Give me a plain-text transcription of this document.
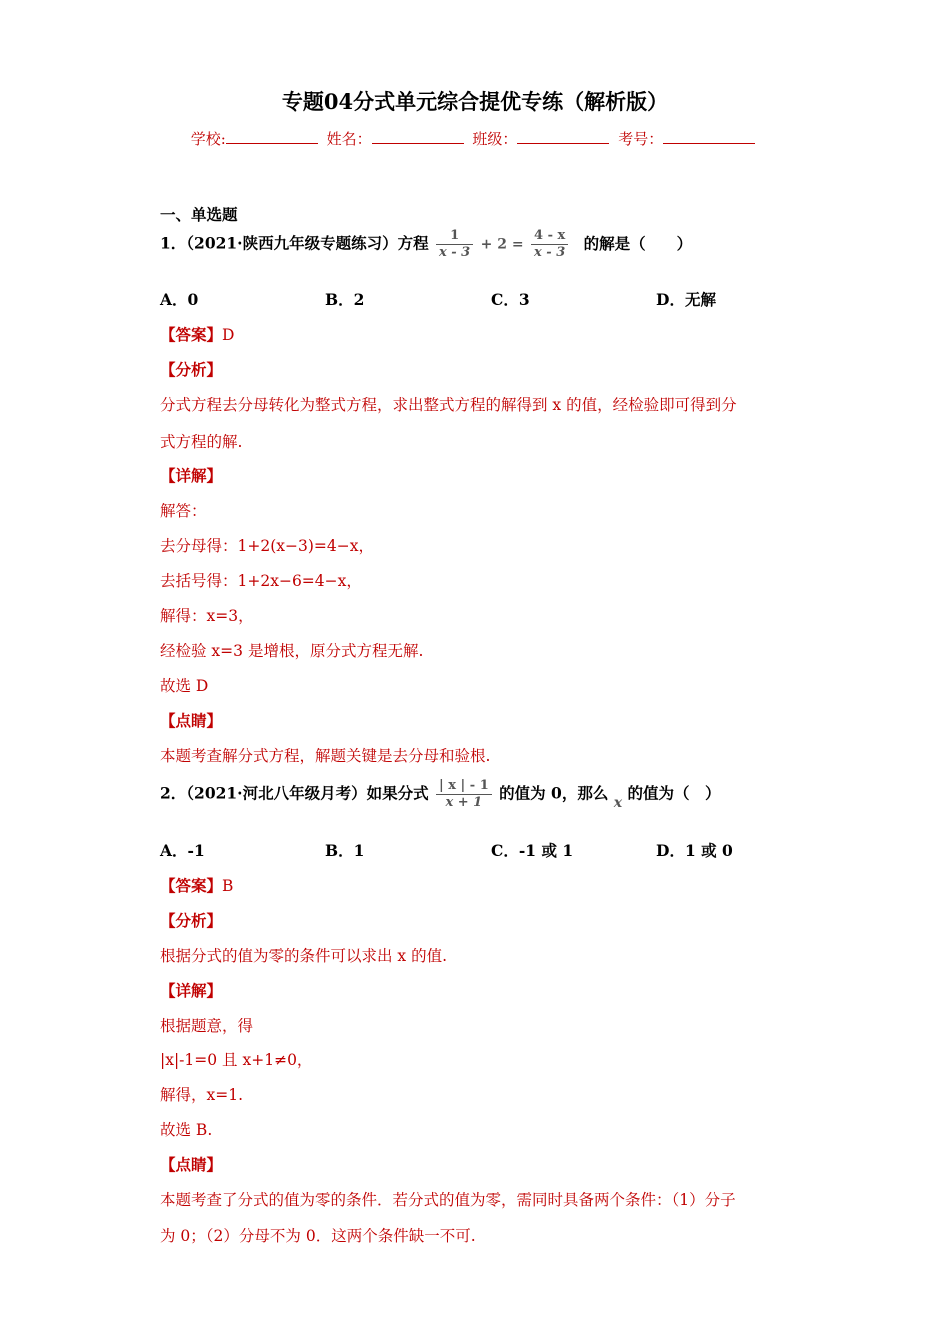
专题04分式单元综合提优专练（解析版）
学校:	姓名：	班级：	考号：
一、单选题
1．（2021·陕西九年级专题练习）方程 $\frac{1}{x - 3} + 2 = \frac{4 - x}{x - 3}$ 的解是（　　）
A．0	B．2	C．3	D．无解
【答案】D
【分析】
分式方程去分母转化为整式方程，求出整式方程的解得到 x 的值，经检验即可得到分
式方程的解.
【详解】
解答：
去分母得：1+2(x−3)=4−x，
去括号得：1+2x−6=4−x，
解得：x=3，
经检验 x=3 是增根，原分式方程无解.
故选 D
【点睛】
本题考查解分式方程，解题关键是去分母和验根.
2．（2021·河北八年级月考）如果分式 $\frac{| x | - 1}{x + 1}$ 的值为 0，那么 x 的值为（　）
A．-1	B．1	C．-1 或 1	D．1 或 0
【答案】B
【分析】
根据分式的值为零的条件可以求出 x 的值.
【详解】
根据题意，得
|x|-1=0 且 x+1≠0，
解得，x=1.
故选 B.
【点睛】
本题考查了分式的值为零的条件．若分式的值为零，需同时具备两个条件：（1）分子
为 0；（2）分母不为 0．这两个条件缺一不可.
